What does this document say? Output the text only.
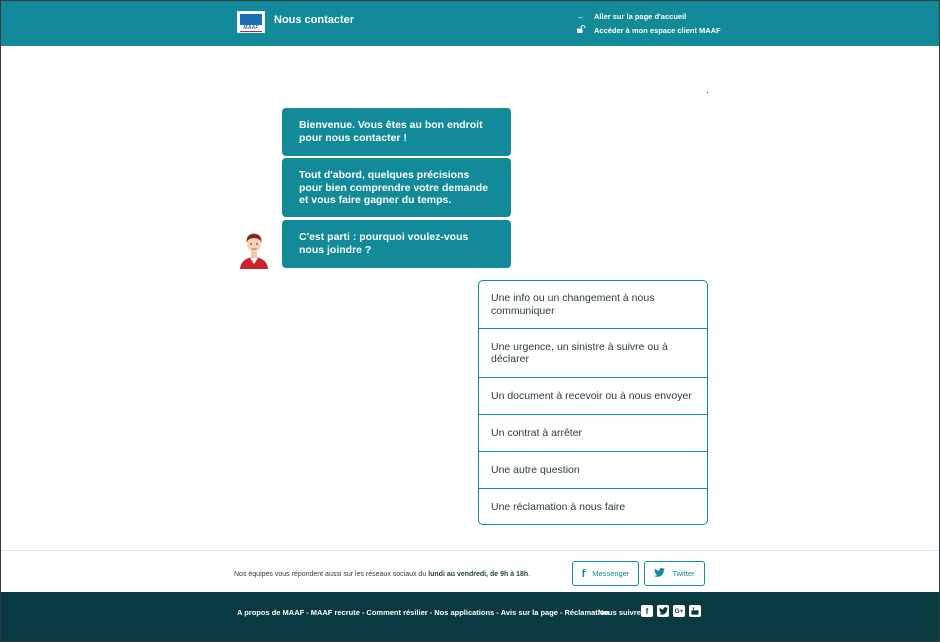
MAAF
Nous contacter	←	Aller sur la page d'accueil
Accéder à mon espace client MAAF
Bienvenue. Vous êtes au bon endroit pour nous contacter !
Tout d'abord, quelques précisions pour bien comprendre votre demande et vous faire gagner du temps.
C'est parti : pourquoi voulez-vous nous joindre ?
Une info ou un changement à nous communiquer
Une urgence, un sinistre à suivre ou à déclarer
Un document à recevoir ou à nous envoyer
Un contrat à arrêter
Une autre question
Une réclamation à nous faire
Nos équipes vous répondent aussi sur les réseaux sociaux du lundi au vendredi, de 9h à 18h.	f Messenger	Twitter
A propos de MAAF - MAAF recrute - Comment résilier - Nos applications - Avis sur la page - Réclamation
Nous suivre f	G+
